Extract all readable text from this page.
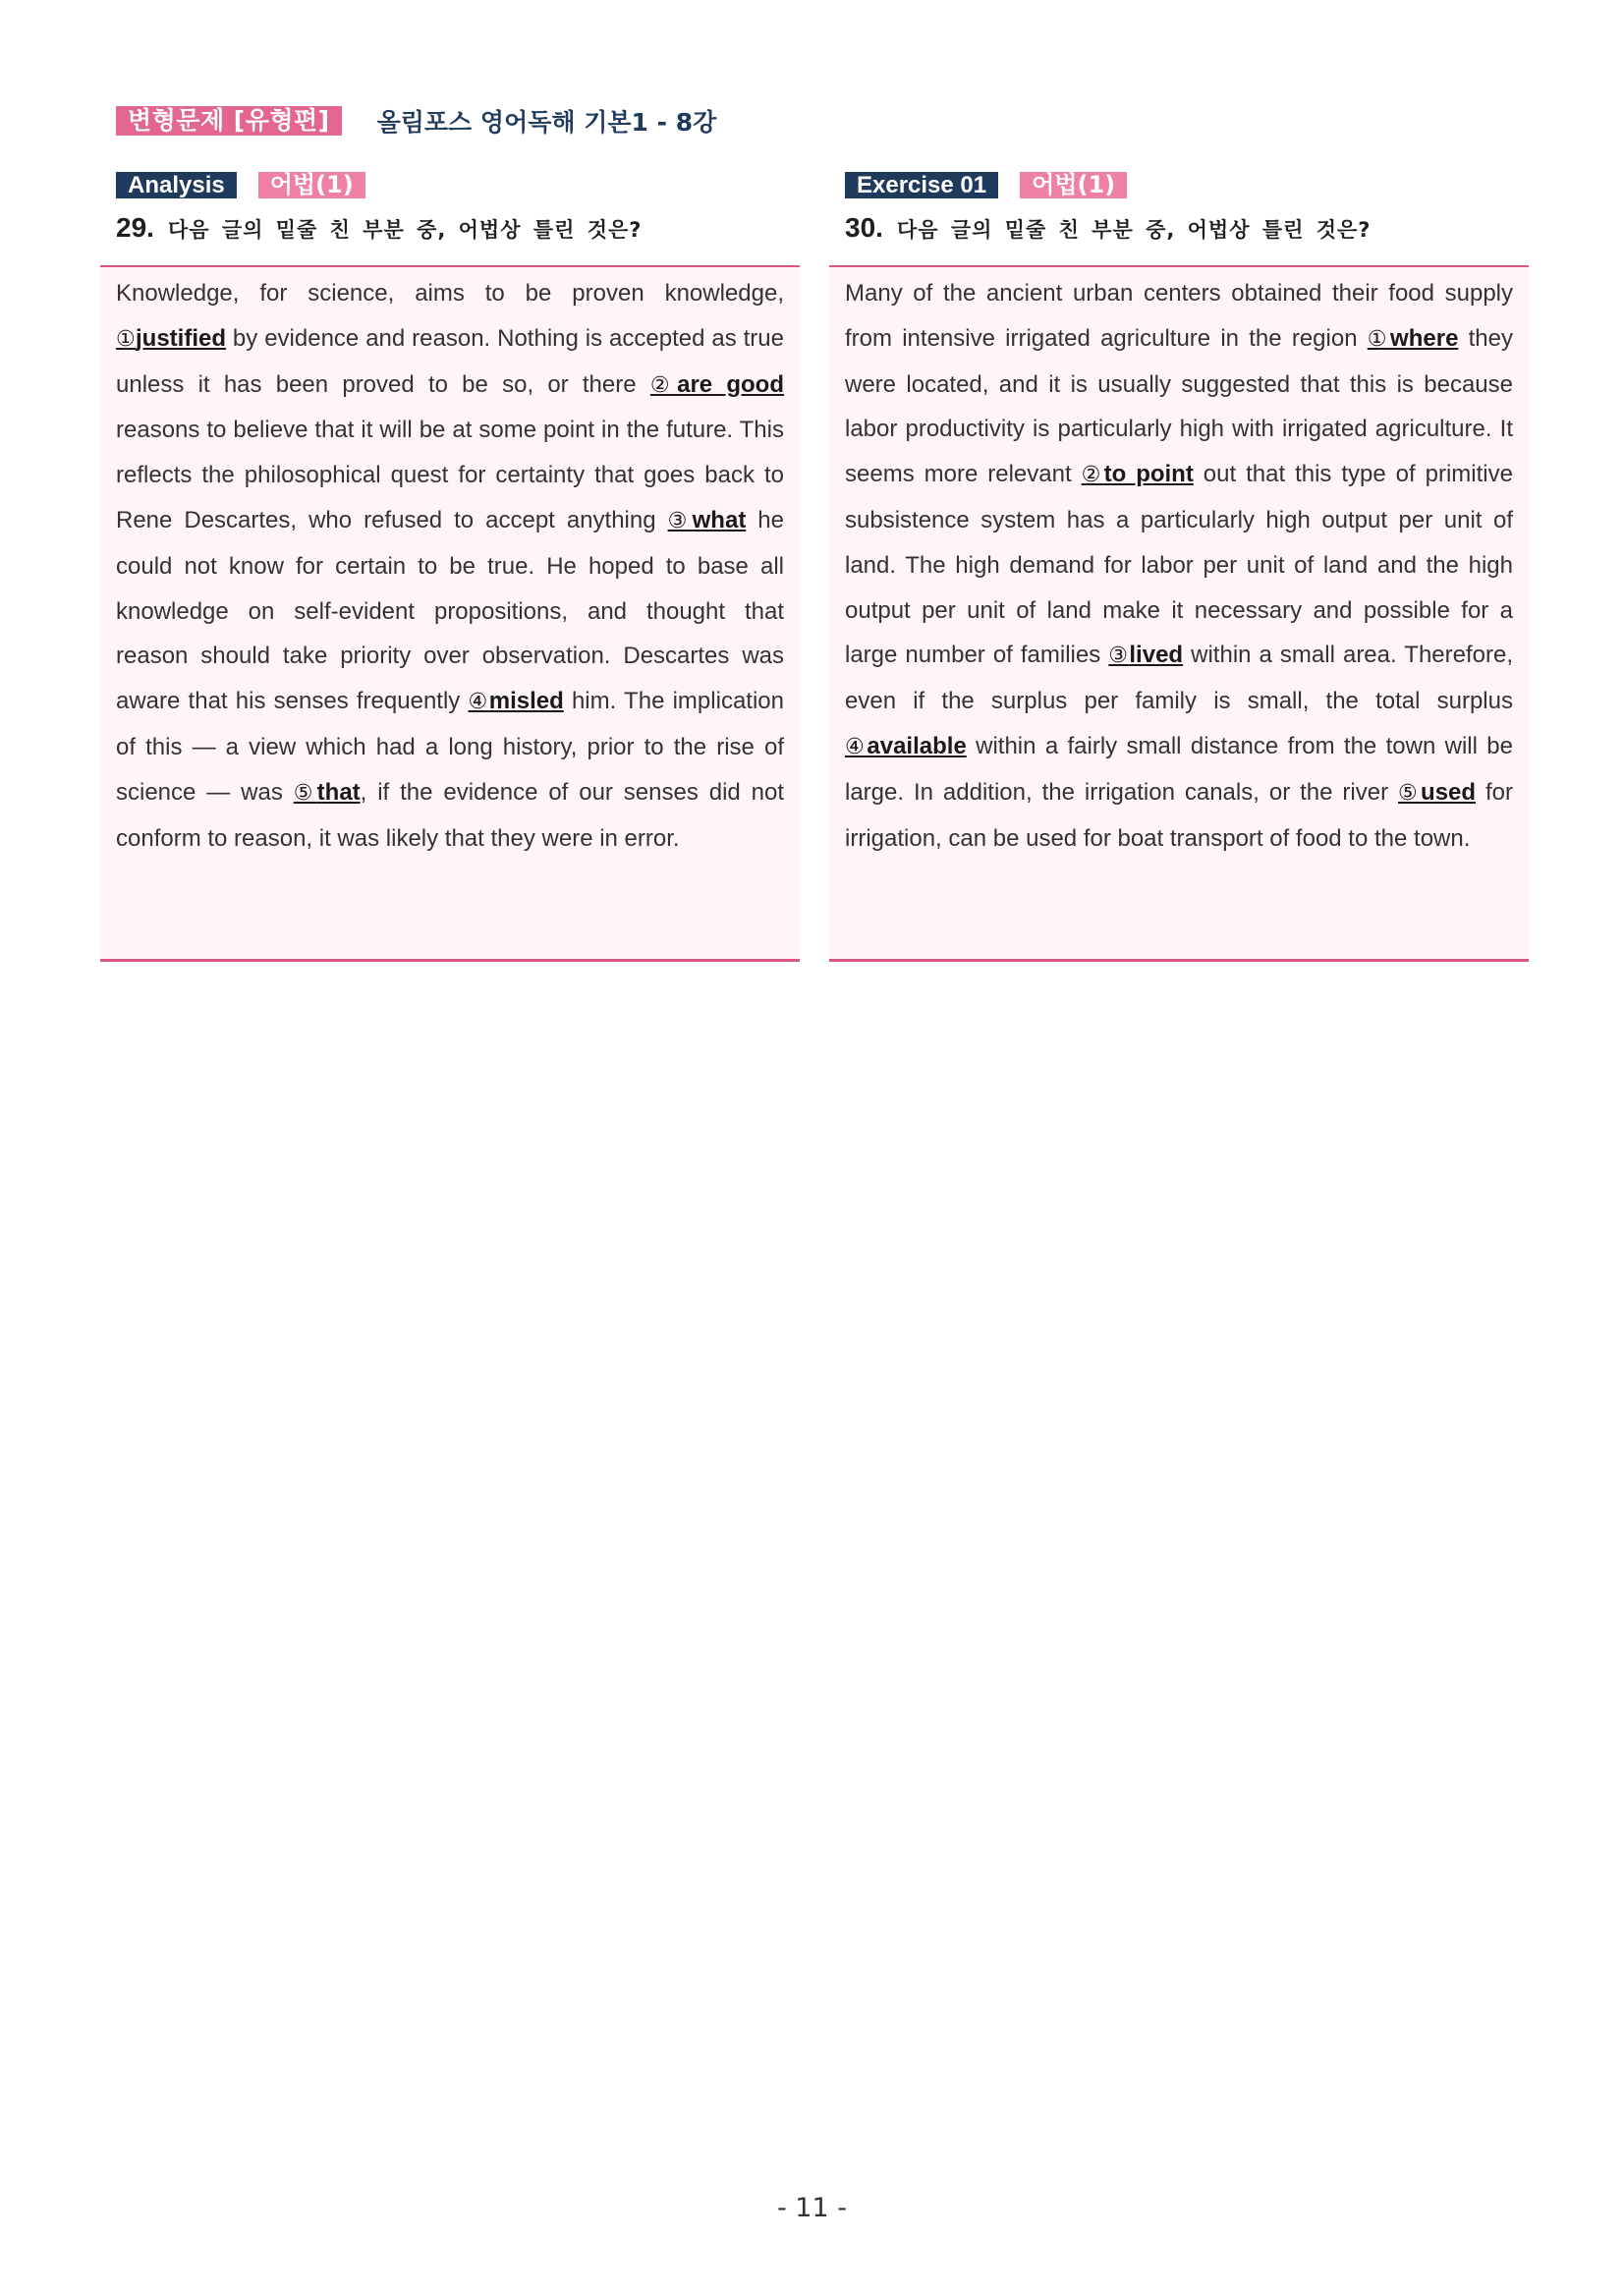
변형문제 [유형편]	올림포스 영어독해 기본1 - 8강
Analysis	어법(1)
29. 다음 글의 밑줄 친 부분 중, 어법상 틀린 것은?

Knowledge, for science, aims to be proven knowledge, ①justified by evidence and reason. Nothing is accepted as true unless it has been proved to be so, or there ②are good reasons to believe that it will be at some point in the future. This reflects the philosophical quest for certainty that goes back to Rene Descartes, who refused to accept anything ③what he could not know for certain to be true. He hoped to base all knowledge on self-evident propositions, and thought that reason should take priority over observation. Descartes was aware that his senses frequently ④misled him. The implication of this — a view which had a long history, prior to the rise of science — was ⑤that, if the evidence of our senses did not conform to reason, it was likely that they were in error.

Exercise 01	어법(1)
30. 다음 글의 밑줄 친 부분 중, 어법상 틀린 것은?

Many of the ancient urban centers obtained their food supply from intensive irrigated agriculture in the region ①where they were located, and it is usually suggested that this is because labor productivity is particularly high with irrigated agriculture. It seems more relevant ②to point out that this type of primitive subsistence system has a particularly high output per unit of land. The high demand for labor per unit of land and the high output per unit of land make it necessary and possible for a large number of families ③lived within a small area. Therefore, even if the surplus per family is small, the total surplus ④available within a fairly small distance from the town will be large. In addition, the irrigation canals, or the river ⑤used for irrigation, can be used for boat transport of food to the town.

- 11 -
